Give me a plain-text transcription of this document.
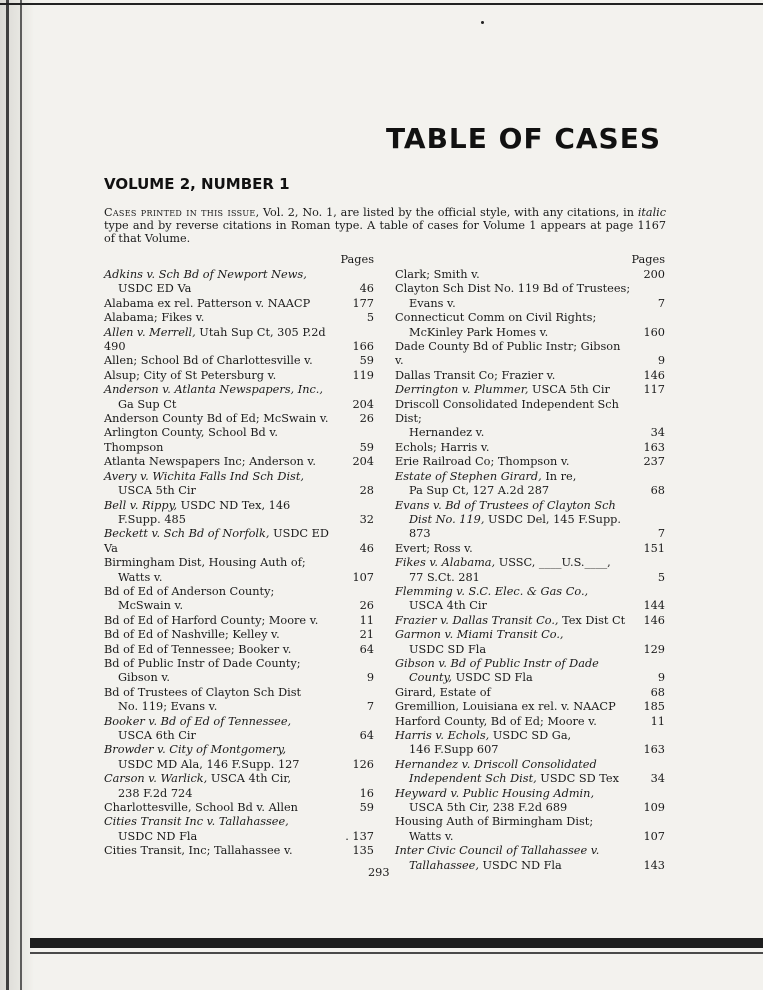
TABLE OF CASES
VOLUME 2, NUMBER 1

Cases printed in this issue, Vol. 2, No. 1, are listed by the official style, with any citations, in italic type and by reverse citations in Roman type. A table of cases for Volume 1 appears at page 1167 of that Volume.

Pages
Adkins v. Sch Bd of Newport News,
USDC ED Va	46
Alabama ex rel. Patterson v. NAACP	177
Alabama; Fikes v.	5
Allen v. Merrell, Utah Sup Ct, 305 P.2d 490	166
Allen; School Bd of Charlottesville v.	59
Alsup; City of St Petersburg v.	119
Anderson v. Atlanta Newspapers, Inc.,
Ga Sup Ct	204
Anderson County Bd of Ed; McSwain v.	26
Arlington County, School Bd v. Thompson	59
Atlanta Newspapers Inc; Anderson v.	204
Avery v. Wichita Falls Ind Sch Dist,
USCA 5th Cir	28
Bell v. Rippy, USDC ND Tex, 146
F.Supp. 485	32
Beckett v. Sch Bd of Norfolk, USDC ED Va	46
Birmingham Dist, Housing Auth of;
Watts v.	107
Bd of Ed of Anderson County;
McSwain v.	26
Bd of Ed of Harford County; Moore v.	11
Bd of Ed of Nashville; Kelley v.	21
Bd of Ed of Tennessee; Booker v.	64
Bd of Public Instr of Dade County;
Gibson v.	9
Bd of Trustees of Clayton Sch Dist
No. 119; Evans v.	7
Booker v. Bd of Ed of Tennessee,
USCA 6th Cir	64
Browder v. City of Montgomery,
USDC MD Ala, 146 F.Supp. 127	126
Carson v. Warlick, USCA 4th Cir,
238 F.2d 724	16
Charlottesville, School Bd v. Allen	59
Cities Transit Inc v. Tallahassee,
USDC ND Fla	. 137
Cities Transit, Inc; Tallahassee v.	135
Pages
Clark; Smith v.	200
Clayton Sch Dist No. 119 Bd of Trustees;
Evans v.	7
Connecticut Comm on Civil Rights;
McKinley Park Homes v.	160
Dade County Bd of Public Instr; Gibson v.	9
Dallas Transit Co; Frazier v.	146
Derrington v. Plummer, USCA 5th Cir	117
Driscoll Consolidated Independent Sch Dist;
Hernandez v.	34
Echols; Harris v.	163
Erie Railroad Co; Thompson v.	237
Estate of Stephen Girard, In re,
Pa Sup Ct, 127 A.2d 287	68
Evans v. Bd of Trustees of Clayton Sch
Dist No. 119, USDC Del, 145 F.Supp. 873	7
Evert; Ross v.	151
Fikes v. Alabama, USSC, ____U.S.____,
77 S.Ct. 281	5
Flemming v. S.C. Elec. & Gas Co.,
USCA 4th Cir	144
Frazier v. Dallas Transit Co., Tex Dist Ct	146
Garmon v. Miami Transit Co.,
USDC SD Fla	129
Gibson v. Bd of Public Instr of Dade
County, USDC SD Fla	9
Girard, Estate of	68
Gremillion, Louisiana ex rel. v. NAACP	185
Harford County, Bd of Ed; Moore v.	11
Harris v. Echols, USDC SD Ga,
146 F.Supp 607	163
Hernandez v. Driscoll Consolidated
Independent Sch Dist, USDC SD Tex	34
Heyward v. Public Housing Admin,
USCA 5th Cir, 238 F.2d 689	109
Housing Auth of Birmingham Dist;
Watts v.	107
Inter Civic Council of Tallahassee v.
Tallahassee, USDC ND Fla	143
293
